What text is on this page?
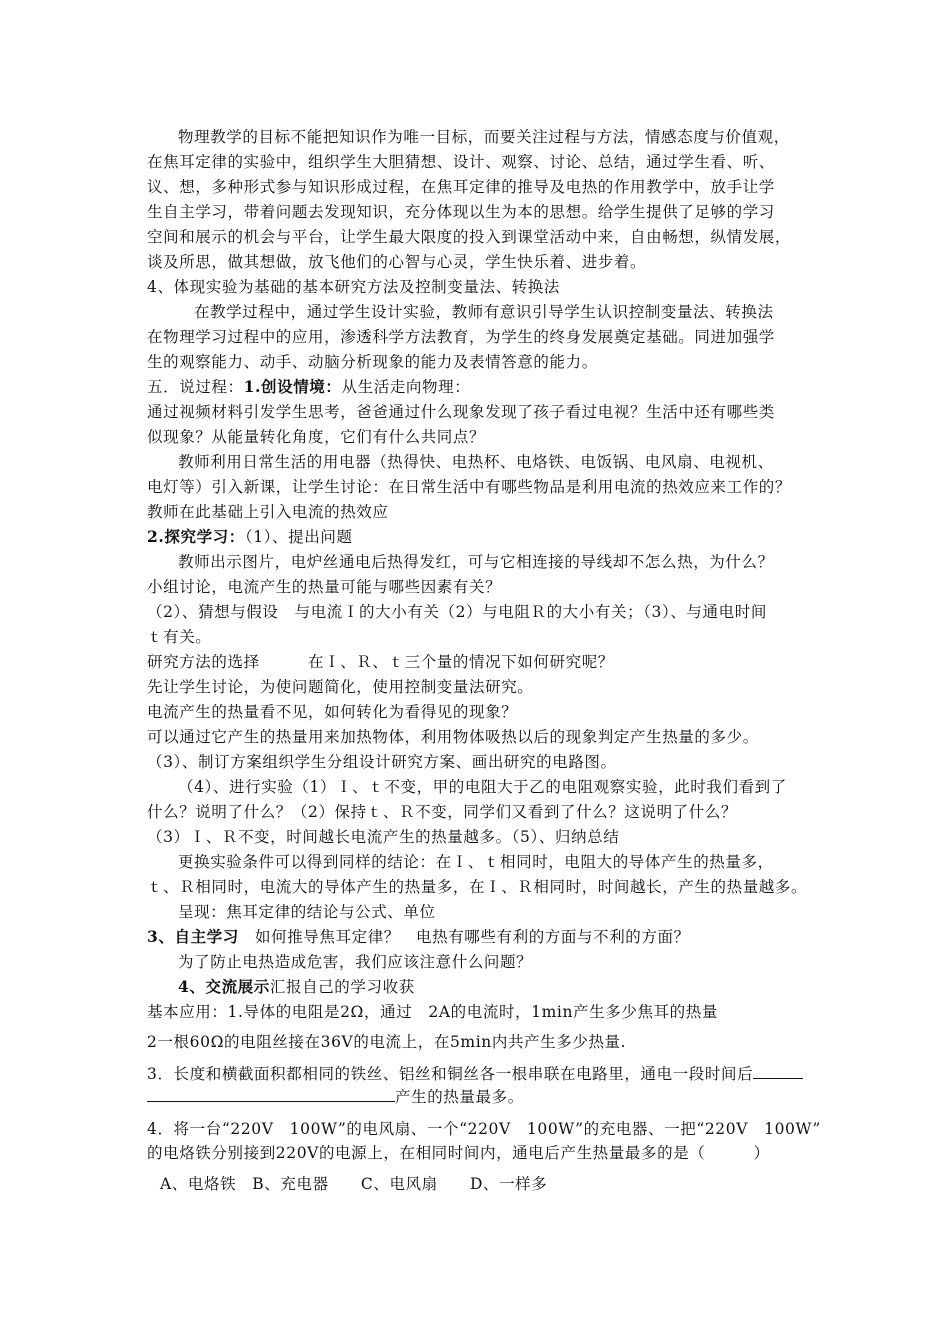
物理教学的目标不能把知识作为唯一目标，而要关注过程与方法，情感态度与价值观，
在焦耳定律的实验中，组织学生大胆猜想、设计、观察、讨论、总结，通过学生看、听、
议、想，多种形式参与知识形成过程，在焦耳定律的推导及电热的作用教学中，放手让学
生自主学习，带着问题去发现知识，充分体现以生为本的思想。给学生提供了足够的学习
空间和展示的机会与平台，让学生最大限度的投入到课堂活动中来，自由畅想，纵情发展，
谈及所思，做其想做，放飞他们的心智与心灵，学生快乐着、进步着。
4、体现实验为基础的基本研究方法及控制变量法、转换法
在教学过程中，通过学生设计实验，教师有意识引导学生认识控制变量法、转换法
在物理学习过程中的应用，渗透科学方法教育，为学生的终身发展奠定基础。同进加强学
生的观察能力、动手、动脑分析现象的能力及表情答意的能力。
五．说过程：1.创设情境：从生活走向物理：
通过视频材料引发学生思考，爸爸通过什么现象发现了孩子看过电视？生活中还有哪些类
似现象？从能量转化角度，它们有什么共同点？
教师利用日常生活的用电器（热得快、电热杯、电烙铁、电饭锅、电风扇、电视机、
电灯等）引入新课，让学生讨论：在日常生活中有哪些物品是利用电流的热效应来工作的？
教师在此基础上引入电流的热效应
2.探究学习：（1）、提出问题
教师出示图片，电炉丝通电后热得发红，可与它相连接的导线却不怎么热，为什么？
小组讨论，电流产生的热量可能与哪些因素有关？
（2）、猜想与假设　与电流Ｉ的大小有关（2）与电阻Ｒ的大小有关；（3）、与通电时间
ｔ有关。
研究方法的选择　　　在Ｉ、Ｒ、ｔ三个量的情况下如何研究呢？
先让学生讨论，为使问题简化，使用控制变量法研究。
电流产生的热量看不见，如何转化为看得见的现象？
可以通过它产生的热量用来加热物体，利用物体吸热以后的现象判定产生热量的多少。
（3）、制订方案组织学生分组设计研究方案、画出研究的电路图。
（4）、进行实验（1）Ｉ、ｔ不变，甲的电阻大于乙的电阻观察实验，此时我们看到了
什么？说明了什么？（2）保持ｔ、Ｒ不变，同学们又看到了什么？这说明了什么？
（3）Ｉ、Ｒ不变，时间越长电流产生的热量越多。（5）、归纳总结
更换实验条件可以得到同样的结论：在Ｉ、ｔ相同时，电阻大的导体产生的热量多，
ｔ、Ｒ相同时，电流大的导体产生的热量多，在Ｉ、Ｒ相同时，时间越长，产生的热量越多。
呈现：焦耳定律的结论与公式、单位
3、自主学习　如何推导焦耳定律？　电热有哪些有利的方面与不利的方面？
为了防止电热造成危害，我们应该注意什么问题？
4、交流展示汇报自己的学习收获
基本应用：1.导体的电阻是2Ω，通过　2A的电流时，1min产生多少焦耳的热量
2一根60Ω的电阻丝接在36V的电流上，在5min内共产生多少热量.
3．长度和横截面积都相同的铁丝、铝丝和铜丝各一根串联在电路里，通电一段时间后
产生的热量最多。
4．将一台“220V　100W”的电风扇、一个“220V　100W”的充电器、一把“220V　100W”
的电烙铁分别接到220V的电源上，在相同时间内，通电后产生热量最多的是（　　　）
A、电烙铁　B、充电器　　C、电风扇　　D、一样多
